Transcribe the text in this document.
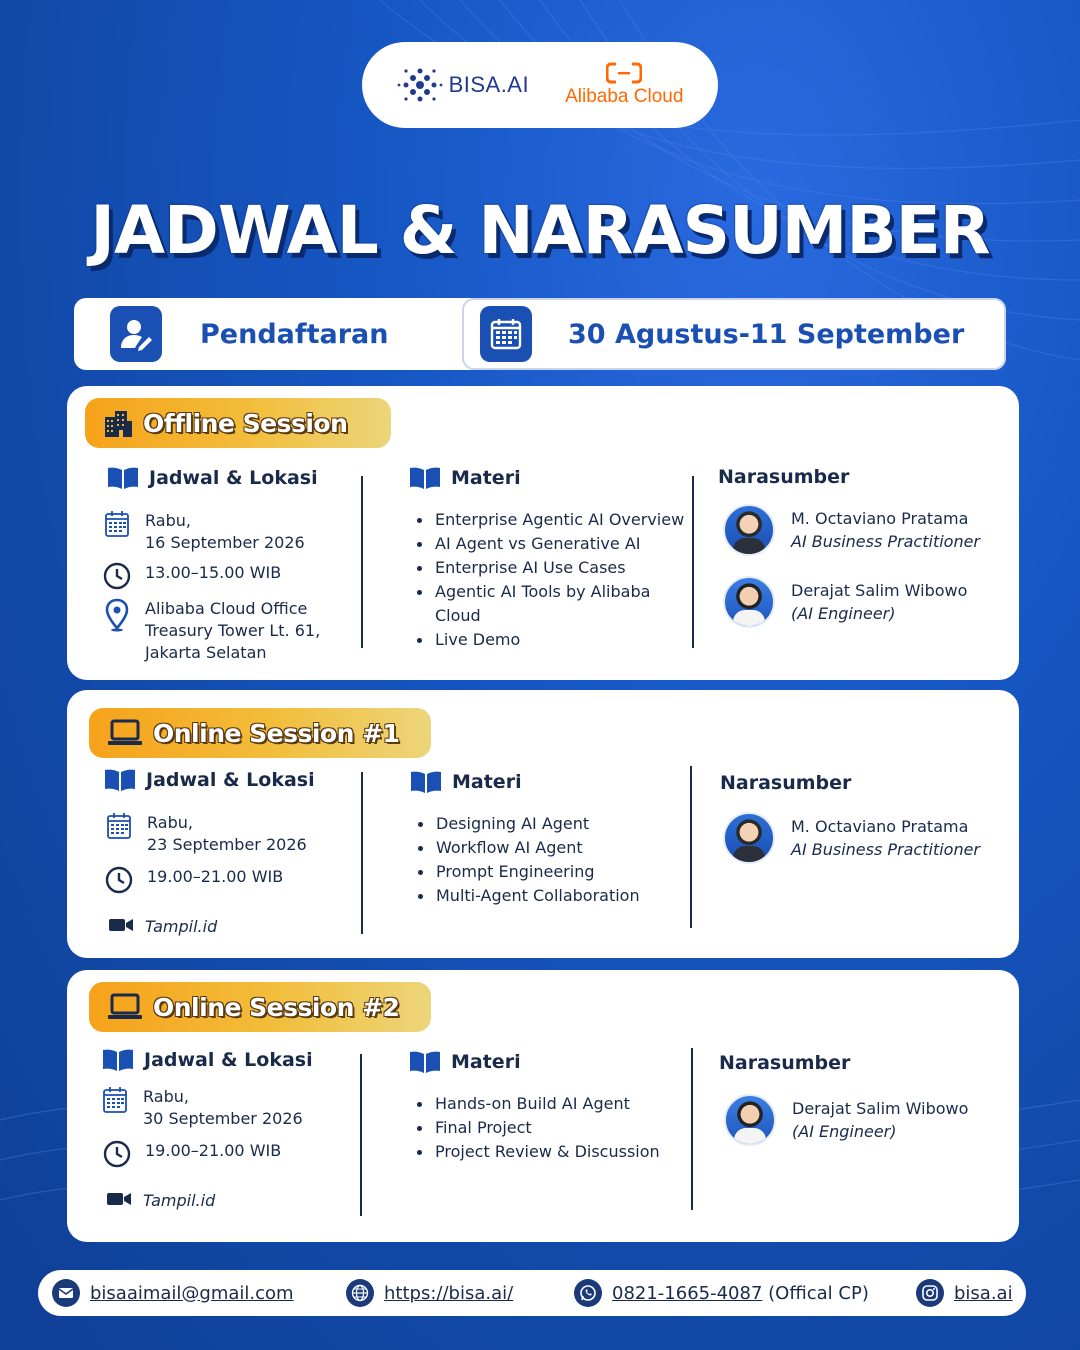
BISA.AI Alibaba Cloud
JADWAL & NARASUMBER
Pendaftaran	30 Agustus-11 September
Offline Session
Jadwal & Lokasi
Rabu,
16 September 2026
13.00–15.00 WIB
Alibaba Cloud Office
Treasury Tower Lt. 61,
Jakarta Selatan
Materi
Enterprise Agentic AI Overview
AI Agent vs Generative AI
Enterprise AI Use Cases
Agentic AI Tools by Alibaba
Cloud
Live Demo
Narasumber
M. Octaviano Pratama
AI Business Practitioner
Derajat Salim Wibowo
(AI Engineer)
Online Session #1
Jadwal & Lokasi
Rabu,
23 September 2026
19.00–21.00 WIB
Tampil.id
Materi
Designing AI Agent
Workflow AI Agent
Prompt Engineering
Multi-Agent Collaboration
Narasumber
M. Octaviano Pratama
AI Business Practitioner
Online Session #2
Jadwal & Lokasi
Rabu,
30 September 2026
19.00–21.00 WIB
Tampil.id
Materi
Hands-on Build AI Agent
Final Project
Project Review & Discussion
Narasumber
Derajat Salim Wibowo
(AI Engineer)
bisaaimail@gmail.com	https://bisa.ai/	0821-1665-4087 (Offical CP)	bisa.ai
